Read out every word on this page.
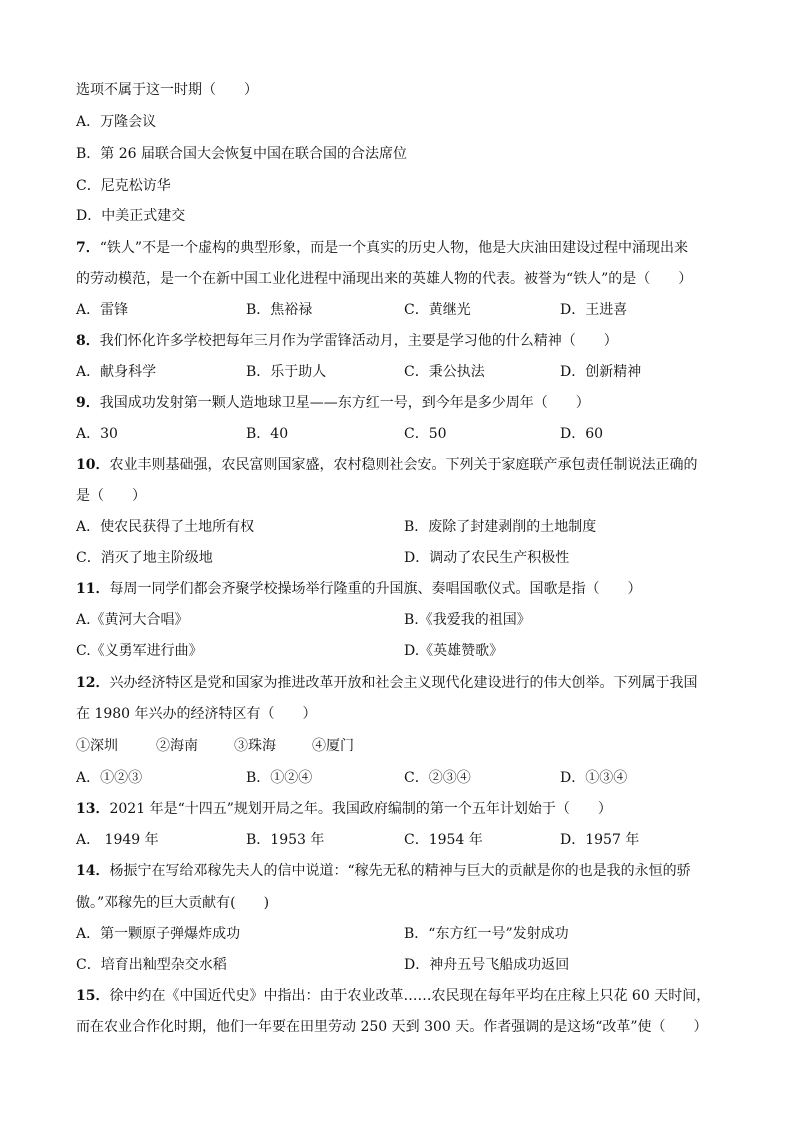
选项不属于这一时期（　　）
A．万隆会议
B．第 26 届联合国大会恢复中国在联合国的合法席位
C．尼克松访华
D．中美正式建交
7．“铁人”不是一个虚构的典型形象，而是一个真实的历史人物，他是大庆油田建设过程中涌现出来
的劳动模范，是一个在新中国工业化进程中涌现出来的英雄人物的代表。被誉为“铁人”的是（　　）
A．雷锋	B．焦裕禄	C．黄继光	D．王进喜
8．我们怀化许多学校把每年三月作为学雷锋活动月，主要是学习他的什么精神（　　）
A．献身科学	B．乐于助人	C．秉公执法	D．创新精神
9．我国成功发射第一颗人造地球卫星——东方红一号，到今年是多少周年（　　）
A．30	B．40	C．50	D．60
10．农业丰则基础强，农民富则国家盛，农村稳则社会安。下列关于家庭联产承包责任制说法正确的
是（　　）
A．使农民获得了土地所有权	B．废除了封建剥削的土地制度
C．消灭了地主阶级地	D．调动了农民生产积极性
11．每周一同学们都会齐聚学校操场举行隆重的升国旗、奏唱国歌仪式。国歌是指（　　）
A.《黄河大合唱》	B.《我爱我的祖国》
C.《义勇军进行曲》	D.《英雄赞歌》
12．兴办经济特区是党和国家为推进改革开放和社会主义现代化建设进行的伟大创举。下列属于我国
在 1980 年兴办的经济特区有（　　）
①深圳	②海南	③珠海	④厦门
A．①②③	B．①②④	C．②③④	D．①③④
13．2021 年是“十四五”规划开局之年。我国政府编制的第一个五年计划始于（　　）
A． 1949 年	B．1953 年	C．1954 年	D．1957 年
14．杨振宁在写给邓稼先夫人的信中说道：“稼先无私的精神与巨大的贡献是你的也是我的永恒的骄
傲。”邓稼先的巨大贡献有(　　)
A．第一颗原子弹爆炸成功	B．“东方红一号”发射成功
C．培育出籼型杂交水稻	D．神舟五号飞船成功返回
15．徐中约在《中国近代史》中指出：由于农业改革……农民现在每年平均在庄稼上只花 60 天时间，
而在农业合作化时期，他们一年要在田里劳动 250 天到 300 天。作者强调的是这场“改革”使（　　）
